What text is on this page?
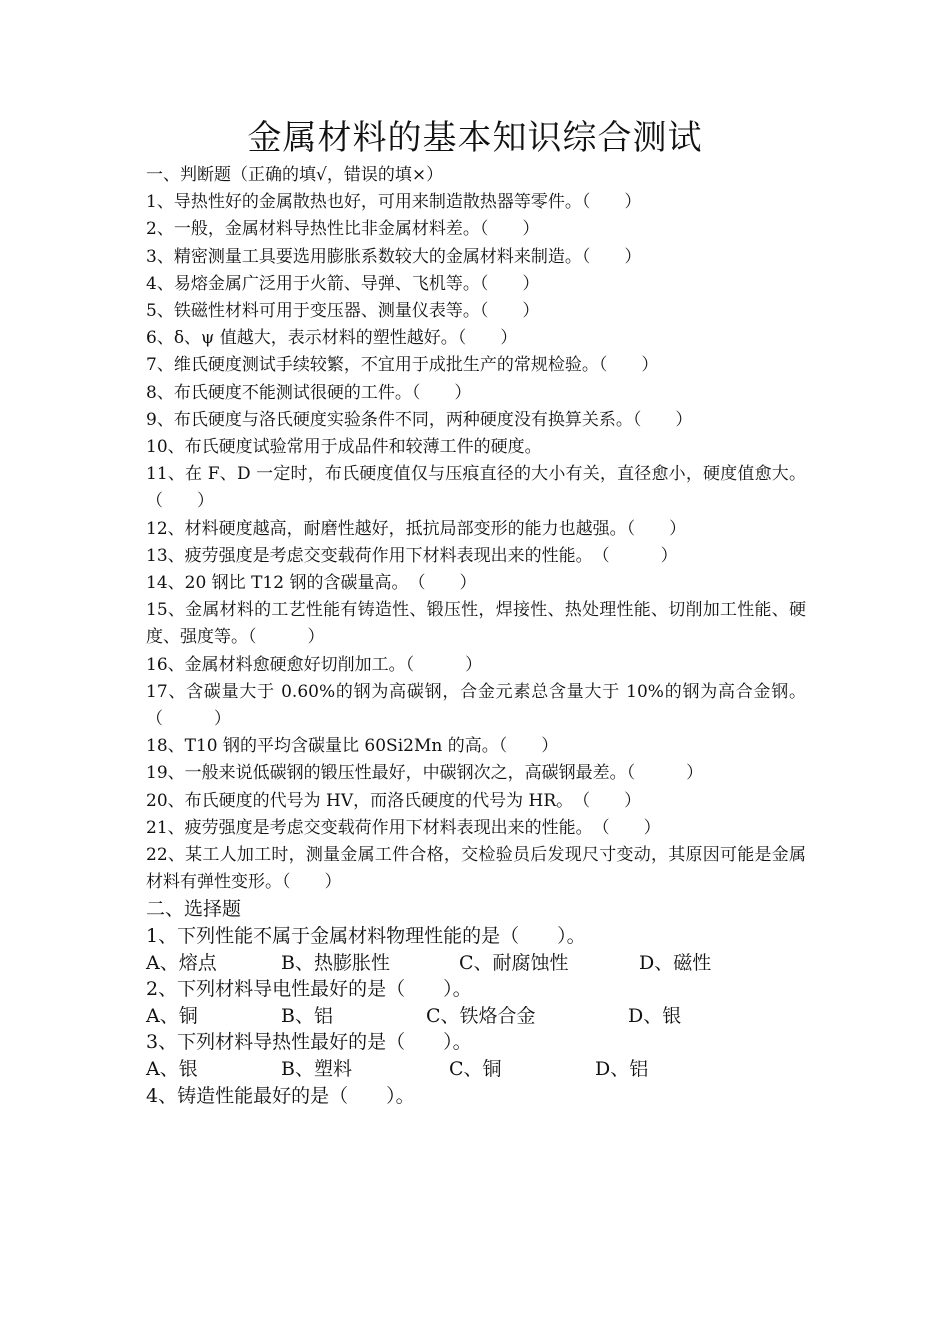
金属材料的基本知识综合测试
一、判断题（正确的填√，错误的填×）
1、导热性好的金属散热也好，可用来制造散热器等零件。（　　）
2、一般，金属材料导热性比非金属材料差。（　　）
3、精密测量工具要选用膨胀系数较大的金属材料来制造。（　　）
4、易熔金属广泛用于火箭、导弹、飞机等。（　　）
5、铁磁性材料可用于变压器、测量仪表等。（　　）
6、δ、ψ 值越大，表示材料的塑性越好。（　　）
7、维氏硬度测试手续较繁，不宜用于成批生产的常规检验。（　　）
8、布氏硬度不能测试很硬的工件。（　　）
9、布氏硬度与洛氏硬度实验条件不同，两种硬度没有换算关系。（　　）
10、布氏硬度试验常用于成品件和较薄工件的硬度。
11、在 F、D 一定时，布氏硬度值仅与压痕直径的大小有关，直径愈小，硬度值愈大。（　　）
12、材料硬度越高，耐磨性越好，抵抗局部变形的能力也越强。（　　）
13、疲劳强度是考虑交变载荷作用下材料表现出来的性能。　（　　　）
14、20 钢比 T12 钢的含碳量高。　（　　）
15、金属材料的工艺性能有铸造性、锻压性，焊接性、热处理性能、切削加工性能、硬度、强度等。（　　　）
16、金属材料愈硬愈好切削加工。（　　　）
17、含碳量大于 0.60%的钢为高碳钢，合金元素总含量大于 10%的钢为高合金钢。（　　　）
18、T10 钢的平均含碳量比 60Si2Mn 的高。（　　）
19、一般来说低碳钢的锻压性最好，中碳钢次之，高碳钢最差。（　　　）
20、布氏硬度的代号为 HV，而洛氏硬度的代号为 HR。　（　　）
21、疲劳强度是考虑交变载荷作用下材料表现出来的性能。　（　　）
22、某工人加工时，测量金属工件合格，交检验员后发现尺寸变动，其原因可能是金属材料有弹性变形。（　　）
二、选择题
1、下列性能不属于金属材料物理性能的是（　　）。
A、熔点	B、热膨胀性	C、耐腐蚀性	D、磁性
2、下列材料导电性最好的是（　　）。
A、铜	B、铝	C、铁烙合金	D、银
3、下列材料导热性最好的是（　　）。
A、银	B、塑料	C、铜	D、铝
4、铸造性能最好的是（　　）。
